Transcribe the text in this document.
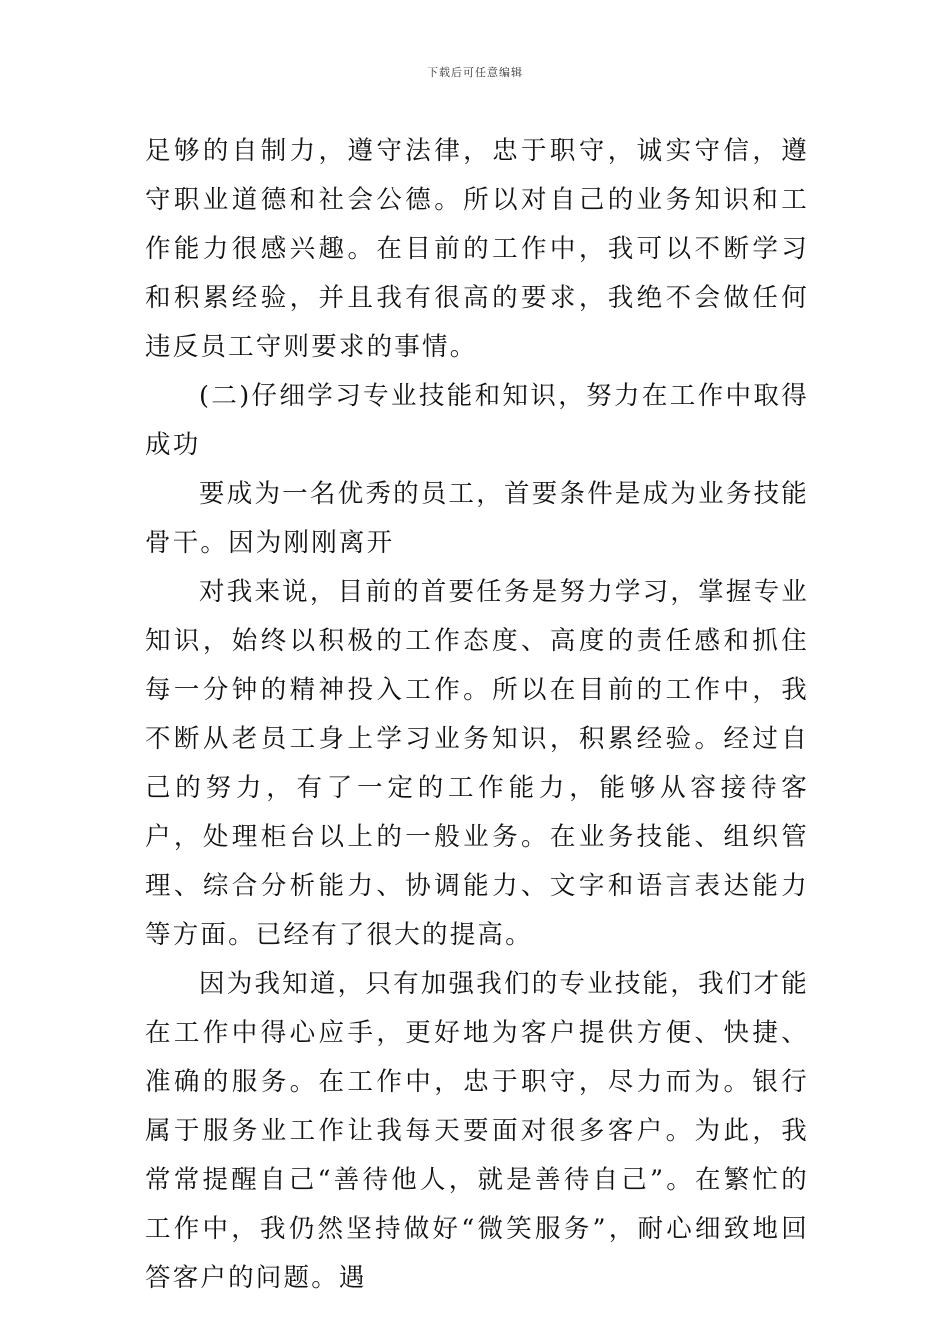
下载后可任意编辑

足够的自制力，遵守法律，忠于职守，诚实守信，遵守职业道德和社会公德。所以对自己的业务知识和工作能力很感兴趣。在目前的工作中，我可以不断学习和积累经验，并且我有很高的要求，我绝不会做任何违反员工守则要求的事情。

(二)仔细学习专业技能和知识，努力在工作中取得成功

要成为一名优秀的员工，首要条件是成为业务技能骨干。因为刚刚离开

对我来说，目前的首要任务是努力学习，掌握专业知识，始终以积极的工作态度、高度的责任感和抓住每一分钟的精神投入工作。所以在目前的工作中，我不断从老员工身上学习业务知识，积累经验。经过自己的努力，有了一定的工作能力，能够从容接待客户，处理柜台以上的一般业务。在业务技能、组织管理、综合分析能力、协调能力、文字和语言表达能力等方面。已经有了很大的提高。

因为我知道，只有加强我们的专业技能，我们才能在工作中得心应手，更好地为客户提供方便、快捷、准确的服务。在工作中，忠于职守，尽力而为。银行属于服务业工作让我每天要面对很多客户。为此，我常常提醒自己“善待他人，就是善待自己”。在繁忙的工作中，我仍然坚持做好“微笑服务”，耐心细致地回答客户的问题。遇
